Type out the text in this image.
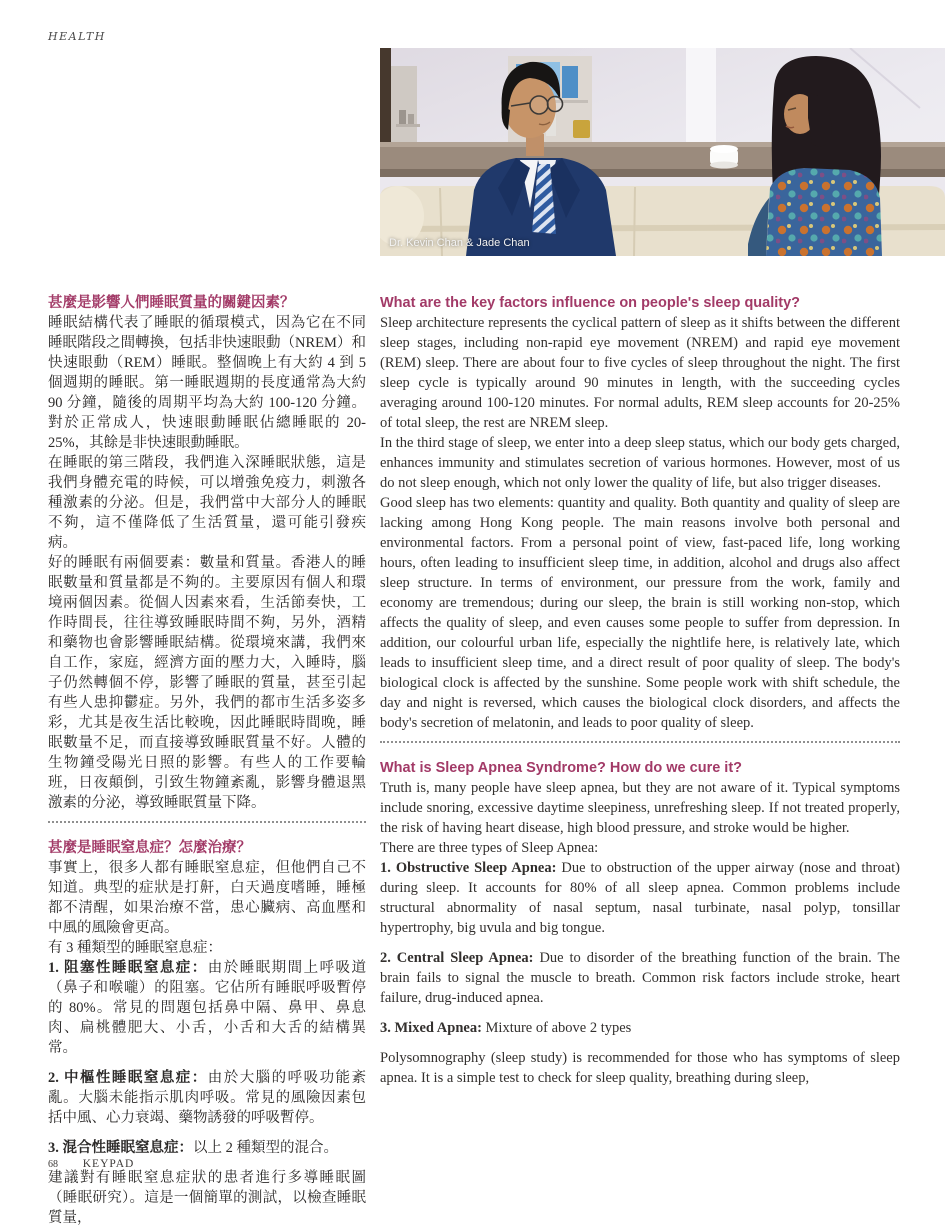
HEALTH
Dr. Kevin Chan & Jade Chan
甚麼是影響人們睡眠質量的關鍵因素？

睡眠結構代表了睡眠的循環模式，因為它在不同睡眠階段之間轉換，包括非快速眼動（NREM）和快速眼動（REM）睡眠。整個晚上有大約 4 到 5 個週期的睡眠。第一睡眠週期的長度通常為大約 90 分鐘，隨後的周期平均為大約 100-120 分鐘。對於正常成人，快速眼動睡眠佔總睡眠的 20-25%，其餘是非快速眼動睡眠。

在睡眠的第三階段，我們進入深睡眠狀態，這是我們身體充電的時候，可以增強免疫力，刺激各種激素的分泌。但是，我們當中大部分人的睡眠不夠，這不僅降低了生活質量，還可能引發疾病。

好的睡眠有兩個要素：數量和質量。香港人的睡眠數量和質量都是不夠的。主要原因有個人和環境兩個因素。從個人因素來看，生活節奏快，工作時間長，往往導致睡眠時間不夠，另外，酒精和藥物也會影響睡眠結構。從環境來講，我們來自工作，家庭，經濟方面的壓力大，入睡時，腦子仍然轉個不停，影響了睡眠的質量，甚至引起有些人患抑鬱症。另外，我們的都市生活多姿多彩，尤其是夜生活比較晚，因此睡眠時間晚，睡眠數量不足，而直接導致睡眠質量不好。人體的生物鐘受陽光日照的影響。有些人的工作要輪班，日夜顛倒，引致生物鐘紊亂，影響身體退黑激素的分泌，導致睡眠質量下降。

甚麼是睡眠窒息症？怎麼治療？

事實上，很多人都有睡眠窒息症，但他們自己不知道。典型的症狀是打鼾，白天過度嗜睡，睡極都不清醒，如果治療不當，患心臟病、高血壓和中風的風險會更高。

有 3 種類型的睡眠窒息症：

1. 阻塞性睡眠窒息症：由於睡眠期間上呼吸道（鼻子和喉嚨）的阻塞。它佔所有睡眠呼吸暫停的 80%。常見的問題包括鼻中隔、鼻甲、鼻息肉、扁桃體肥大、小舌，小舌和大舌的結構異常。

2. 中樞性睡眠窒息症：由於大腦的呼吸功能紊亂。大腦未能指示肌肉呼吸。常見的風險因素包括中風、心力衰竭、藥物誘發的呼吸暫停。

3. 混合性睡眠窒息症：以上 2 種類型的混合。

建議對有睡眠窒息症狀的患者進行多導睡眠圖（睡眠研究）。這是一個簡單的測試，以檢查睡眠質量，

What are the key factors influence on people's sleep quality?

Sleep architecture represents the cyclical pattern of sleep as it shifts between the different sleep stages, including non-rapid eye movement (NREM) and rapid eye movement (REM) sleep. There are about four to five cycles of sleep throughout the night. The first sleep cycle is typically around 90 minutes in length, with the succeeding cycles averaging around 100-120 minutes. For normal adults, REM sleep accounts for 20-25% of total sleep, the rest are NREM sleep.

In the third stage of sleep, we enter into a deep sleep status, which our body gets charged, enhances immunity and stimulates secretion of various hormones. However, most of us do not sleep enough, which not only lower the quality of life, but also trigger diseases.

Good sleep has two elements: quantity and quality. Both quantity and quality of sleep are lacking among Hong Kong people. The main reasons involve both personal and environmental factors. From a personal point of view, fast-paced life, long working hours, often leading to insufficient sleep time, in addition, alcohol and drugs also affect sleep structure. In terms of environment, our pressure from the work, family and economy are tremendous; during our sleep, the brain is still working non-stop, which affects the quality of sleep, and even causes some people to suffer from depression. In addition, our colourful urban life, especially the nightlife here, is relatively late, which leads to insufficient sleep time, and a direct result of poor quality of sleep. The body's biological clock is affected by the sunshine. Some people work with shift schedule, the day and night is reversed, which causes the biological clock disorders, and affects the body's secretion of melatonin, and leads to poor quality of sleep.

What is Sleep Apnea Syndrome? How do we cure it?

Truth is, many people have sleep apnea, but they are not aware of it. Typical symptoms include snoring, excessive daytime sleepiness, unrefreshing sleep. If not treated properly, the risk of having heart disease, high blood pressure, and stroke would be higher.

There are three types of Sleep Apnea:

1. Obstructive Sleep Apnea: Due to obstruction of the upper airway (nose and throat) during sleep. It accounts for 80% of all sleep apnea. Common problems include structural abnormality of nasal septum, nasal turbinate, nasal polyp, tonsillar hypertrophy, big uvula and big tongue.

2. Central Sleep Apnea: Due to disorder of the breathing function of the brain. The brain fails to signal the muscle to breath. Common risk factors include stroke, heart failure, drug-induced apnea.

3. Mixed Apnea: Mixture of above 2 types

Polysomnography (sleep study) is recommended for those who has symptoms of sleep apnea. It is a simple test to check for sleep quality, breathing during sleep,

68 KEYPAD
